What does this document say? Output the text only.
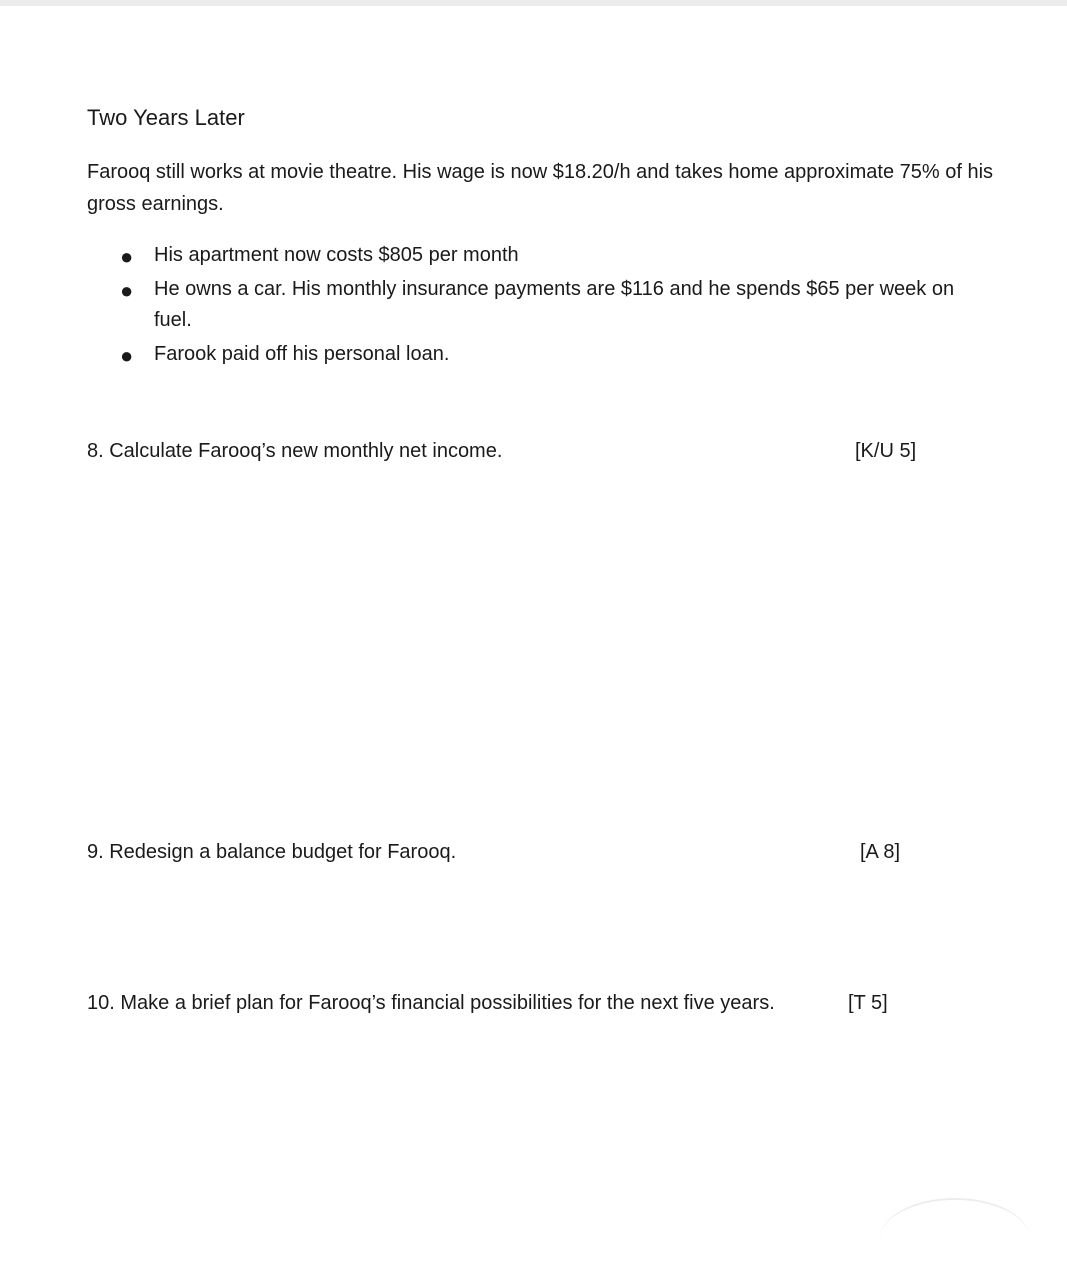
Two Years Later
Farooq still works at movie theatre. His wage is now $18.20/h and takes home approximate 75% of his gross earnings.
● His apartment now costs $805 per month
● He owns a car. His monthly insurance payments are $116 and he spends $65 per week on fuel.
● Farook paid off his personal loan.
8. Calculate Farooq’s new monthly net income.	[K/U 5]
9. Redesign a balance budget for Farooq.	[A 8]
10. Make a brief plan for Farooq’s financial possibilities for the next five years.	[T 5]
